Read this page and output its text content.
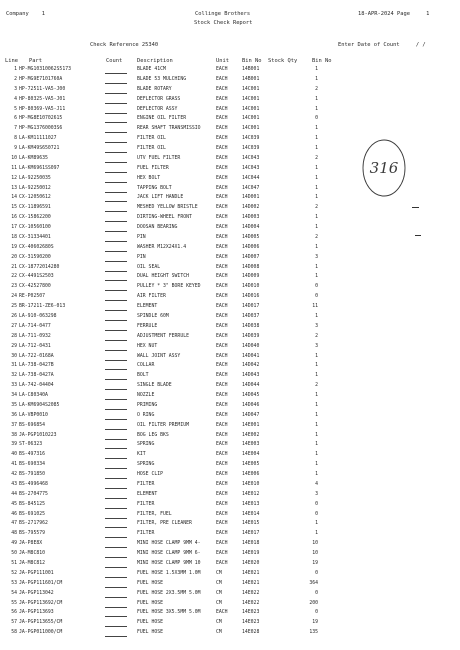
Company 1	Collinge Brothers
Stock Check Report
18-APR-2024 Page	1
Check Reference 25340	Enter Date of Count	/ /
Line Part	Count	Description	Unit Bin No Stock Qty	Bin No
1 HP-MG10310062S5173	BLADE 41CM	EACH	14B001	1
2 HP-MG9E7101760A	BLADE 53 MULCHING	EACH	14B001	1
3 HP-72511-VA5-J00	BLADE ROTARY	EACH	14C001	2
4 HP-80325-VA5-J01	DEFLECTOR GRASS	EACH	14C001	1
5 HP-80369-VA5-J11	DEFLECTOR ASSY	EACH	14C001	1
6 HP-MG8E10702615	ENGINE OIL FILTER	EACH	14C001	0
7 HP-MG13760003S6	REAR SHAFT TRANSMISSIO	EACH	14C001	1
8 LA-KM11111027	FILTER OIL	EACH	14C039	1
9 LA-KM49S650721	FILTER OIL	EACH	14C039	1
10 LA-KM89635	UTV FUEL FILTER	EACH	14C043	2
11 LA-KM6961SS097	FUEL FILTER	EACH	14C043	1
12 LA-92250035	HEX BOLT	EACH	14C044	1
13 LA-92250012	TAPPING BOLT	EACH	14C047	1
14 CX-12050612	JACK LIFT HANDLE	EACH	14D001	1
15 CX-11896591	MESHED YELLOW BRISTLE	EACH	14D002	2
16 CX-15862200	DIRTING-WHEEL FRONT	EACH	14D003	1
17 CX-10560100	DOOSAN BEARING	EACH	14D004	1
18 CX-31334401	PIN	EACH	14D005	2
19 CX-40602680S	WASHER M12X24X1.4	EACH	14D006	1
20 CX-31590200	PIN	EACH	14D007	3
21 CX-18772014280	OIL SEAL	EACH	14D008	1
22 CX-4491S2503	DUAL HEIGHT SWITCH	EACH	14D009	1
23 CX-42527800	PULLEY * 3" BORE KEYED	EACH	14D010	0
24 RE-P02507	AIR FILTER	EACH	14D016	0
25 BR-17211-ZE6-013	ELEMENT	EACH	14D017	11
26 LA-910-063298	SPINDLE 60M	EACH	14D037	1
27 LA-714-0477	FERRULE	EACH	14D038	3
28 LA-711-0932	ADJUSTMENT FERRULE	EACH	14D039	2
29 LA-712-0431	HEX NUT	EACH	14D040	3
30 LA-722-0168A	WALL JOINT ASSY	EACH	14D041	1
31 LA-738-0427B	COLLAR	EACH	14D042	1
32 LA-738-0427A	BOLT	EACH	14D043	1
33 LA-742-04404	SINGLE BLADE	EACH	14D044	2
34 LA-C80340A	NOZZLE	EACH	14D045	1
35 LA-KM6904S2085	PRIMING	EACH	14D046	1
36 LA-VBP0010	O RING	EACH	14D047	1
37 BS-696854	OIL FILTER PREMIUM	EACH	14E001	1
38 JA-PGP1010223	BOG LEG BKS	EACH	14E002	1
39 ST-06323	SPRING	EACH	14E003	1
40 BS-497316	KIT	EACH	14E004	1
41 BS-690334	SPRING	EACH	14E005	1
42 BS-791850	HOSE CLIP	EACH	14E006	1
43 BS-4996468	FILTER	EACH	14E010	4
44 BS-2704775	ELEMENT	EACH	14E012	3
45 BS-845125	FILTER	EACH	14E013	0
46 BS-691025	FILTER, FUEL	EACH	14E014	0
47 BS-2717962	FILTER, PRE CLEANER	EACH	14E015	1
48 BS-795579	FILTER	EACH	14E017	1
49 JA-P8E8X	MINI HOSE CLAMP 9MM 4-	EACH	14E018	10
50 JA-M8C810	MINI HOSE CLAMP 9MM 6-	EACH	14E019	10
51 JA-M8C812	MINI HOSE CLAMP 9MM 10	EACH	14E020	19
52 JA-PGP111001	FUEL HOSE 1.5X3MM 1.0M	CM	14E021	0
53 JA-PGP111601/CM	FUEL HOSE	CM	14E021	364
54 JA-PGP113042	FUEL HOSE 2X3.5MM 5.0M	CM	14E022	0
55 JA-PGP113692/CM	FUEL HOSE	CM	14E022	200
56 JA-PGP113693	FUEL HOSE 3X5.5MM 5.0M	EACH	14E023	0
57 JA-PGP113655/CM	FUEL HOSE	CM	14E023	19
58 JA-PGP011000/CM	FUEL HOSE	CM	14E028	135
316
